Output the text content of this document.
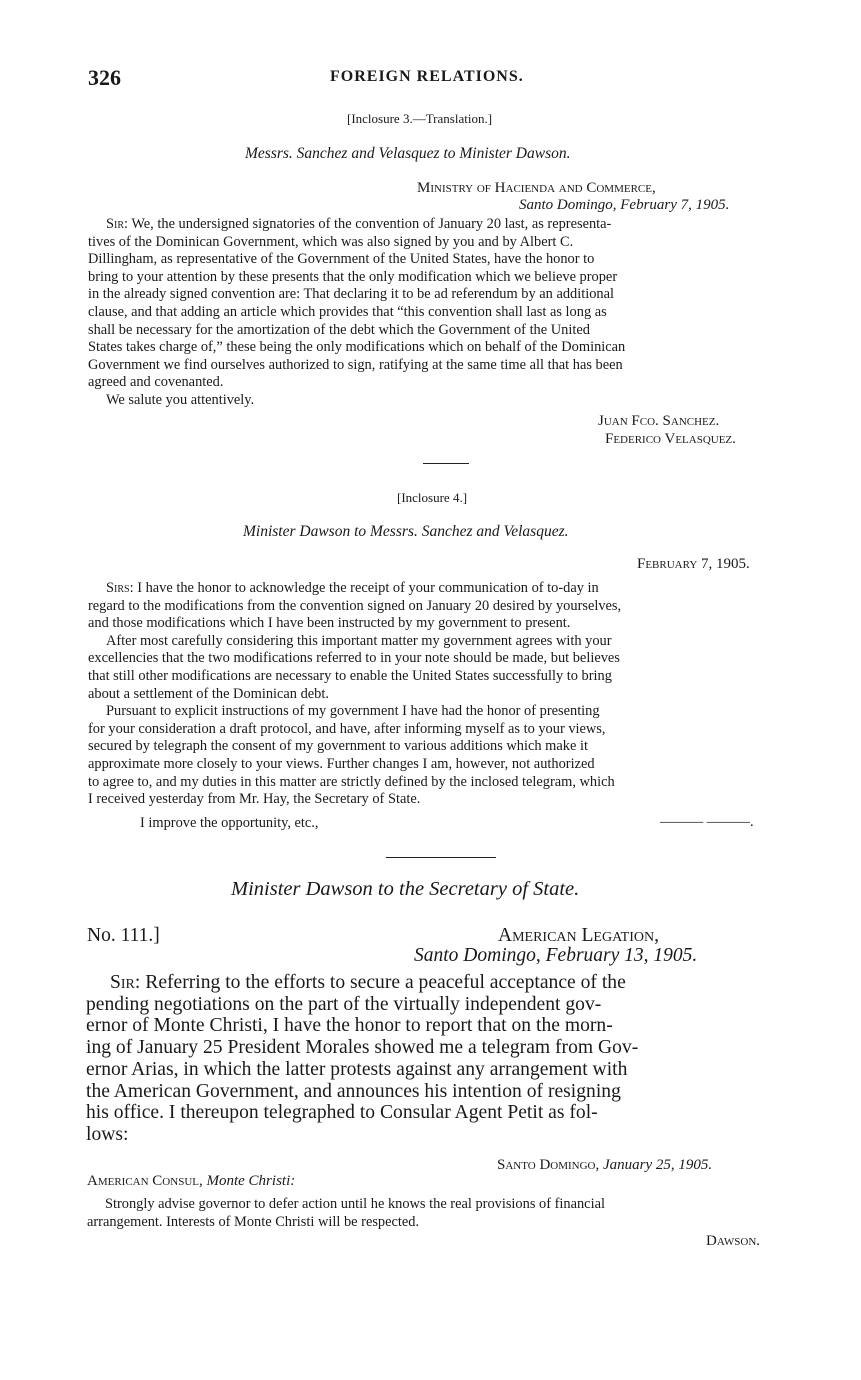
326	FOREIGN RELATIONS.
[Inclosure 3.—Translation.]
Messrs. Sanchez and Velasquez to Minister Dawson.
Ministry of Hacienda and Commerce,
Santo Domingo, February 7, 1905.
Sir: We, the undersigned signatories of the convention of January 20 last, as representa-
tives of the Dominican Government, which was also signed by you and by Albert C.
Dillingham, as representative of the Government of the United States, have the honor to
bring to your attention by these presents that the only modification which we believe proper
in the already signed convention are: That declaring it to be ad referendum by an additional
clause, and that adding an article which provides that “this convention shall last as long as
shall be necessary for the amortization of the debt which the Government of the United
States takes charge of,” these being the only modifications which on behalf of the Dominican
Government we find ourselves authorized to sign, ratifying at the same time all that has been
agreed and covenanted.
We salute you attentively.
Juan Fco. Sanchez.
Federico Velasquez.
[Inclosure 4.]
Minister Dawson to Messrs. Sanchez and Velasquez.
February 7, 1905.
Sirs: I have the honor to acknowledge the receipt of your communication of to-day in
regard to the modifications from the convention signed on January 20 desired by yourselves,
and those modifications which I have been instructed by my government to present.
After most carefully considering this important matter my government agrees with your
excellencies that the two modifications referred to in your note should be made, but believes
that still other modifications are necessary to enable the United States successfully to bring
about a settlement of the Dominican debt.
Pursuant to explicit instructions of my government I have had the honor of presenting
for your consideration a draft protocol, and have, after informing myself as to your views,
secured by telegraph the consent of my government to various additions which make it
approximate more closely to your views. Further changes I am, however, not authorized
to agree to, and my duties in this matter are strictly defined by the inclosed telegram, which
I received yesterday from Mr. Hay, the Secretary of State.
I improve the opportunity, etc.,	——— ———.
Minister Dawson to the Secretary of State.
No. 111.]	American Legation,
Santo Domingo, February 13, 1905.
Sir: Referring to the efforts to secure a peaceful acceptance of the
pending negotiations on the part of the virtually independent gov-
ernor of Monte Christi, I have the honor to report that on the morn-
ing of January 25 President Morales showed me a telegram from Gov-
ernor Arias, in which the latter protests against any arrangement with
the American Government, and announces his intention of resigning
his office. I thereupon telegraphed to Consular Agent Petit as fol-
lows:
Santo Domingo, January 25, 1905.
American Consul, Monte Christi:
Strongly advise governor to defer action until he knows the real provisions of financial
arrangement. Interests of Monte Christi will be respected.
Dawson.
